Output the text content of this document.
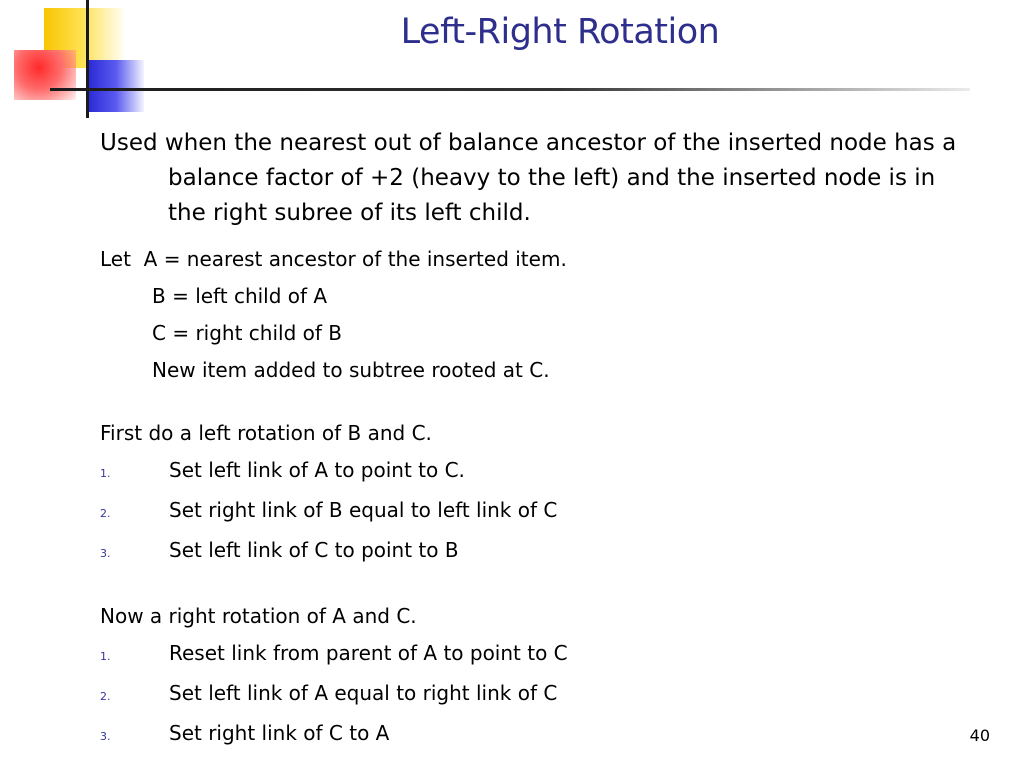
Left-Right Rotation

Used when the nearest out of balance ancestor of the inserted node has a balance factor of +2 (heavy to the left) and the inserted node is in the right subree of its left child.

Let  A = nearest ancestor of the inserted item.
B = left child of A
C = right child of B
New item added to subtree rooted at C.
First do a left rotation of B and C.
1.	Set left link of A to point to C.
2.	Set right link of B equal to left link of C
3.	Set left link of C to point to B
Now a right rotation of A and C.
1.	Reset link from parent of A to point to C
2.	Set left link of A equal to right link of C
3.	Set right link of C to A	40
